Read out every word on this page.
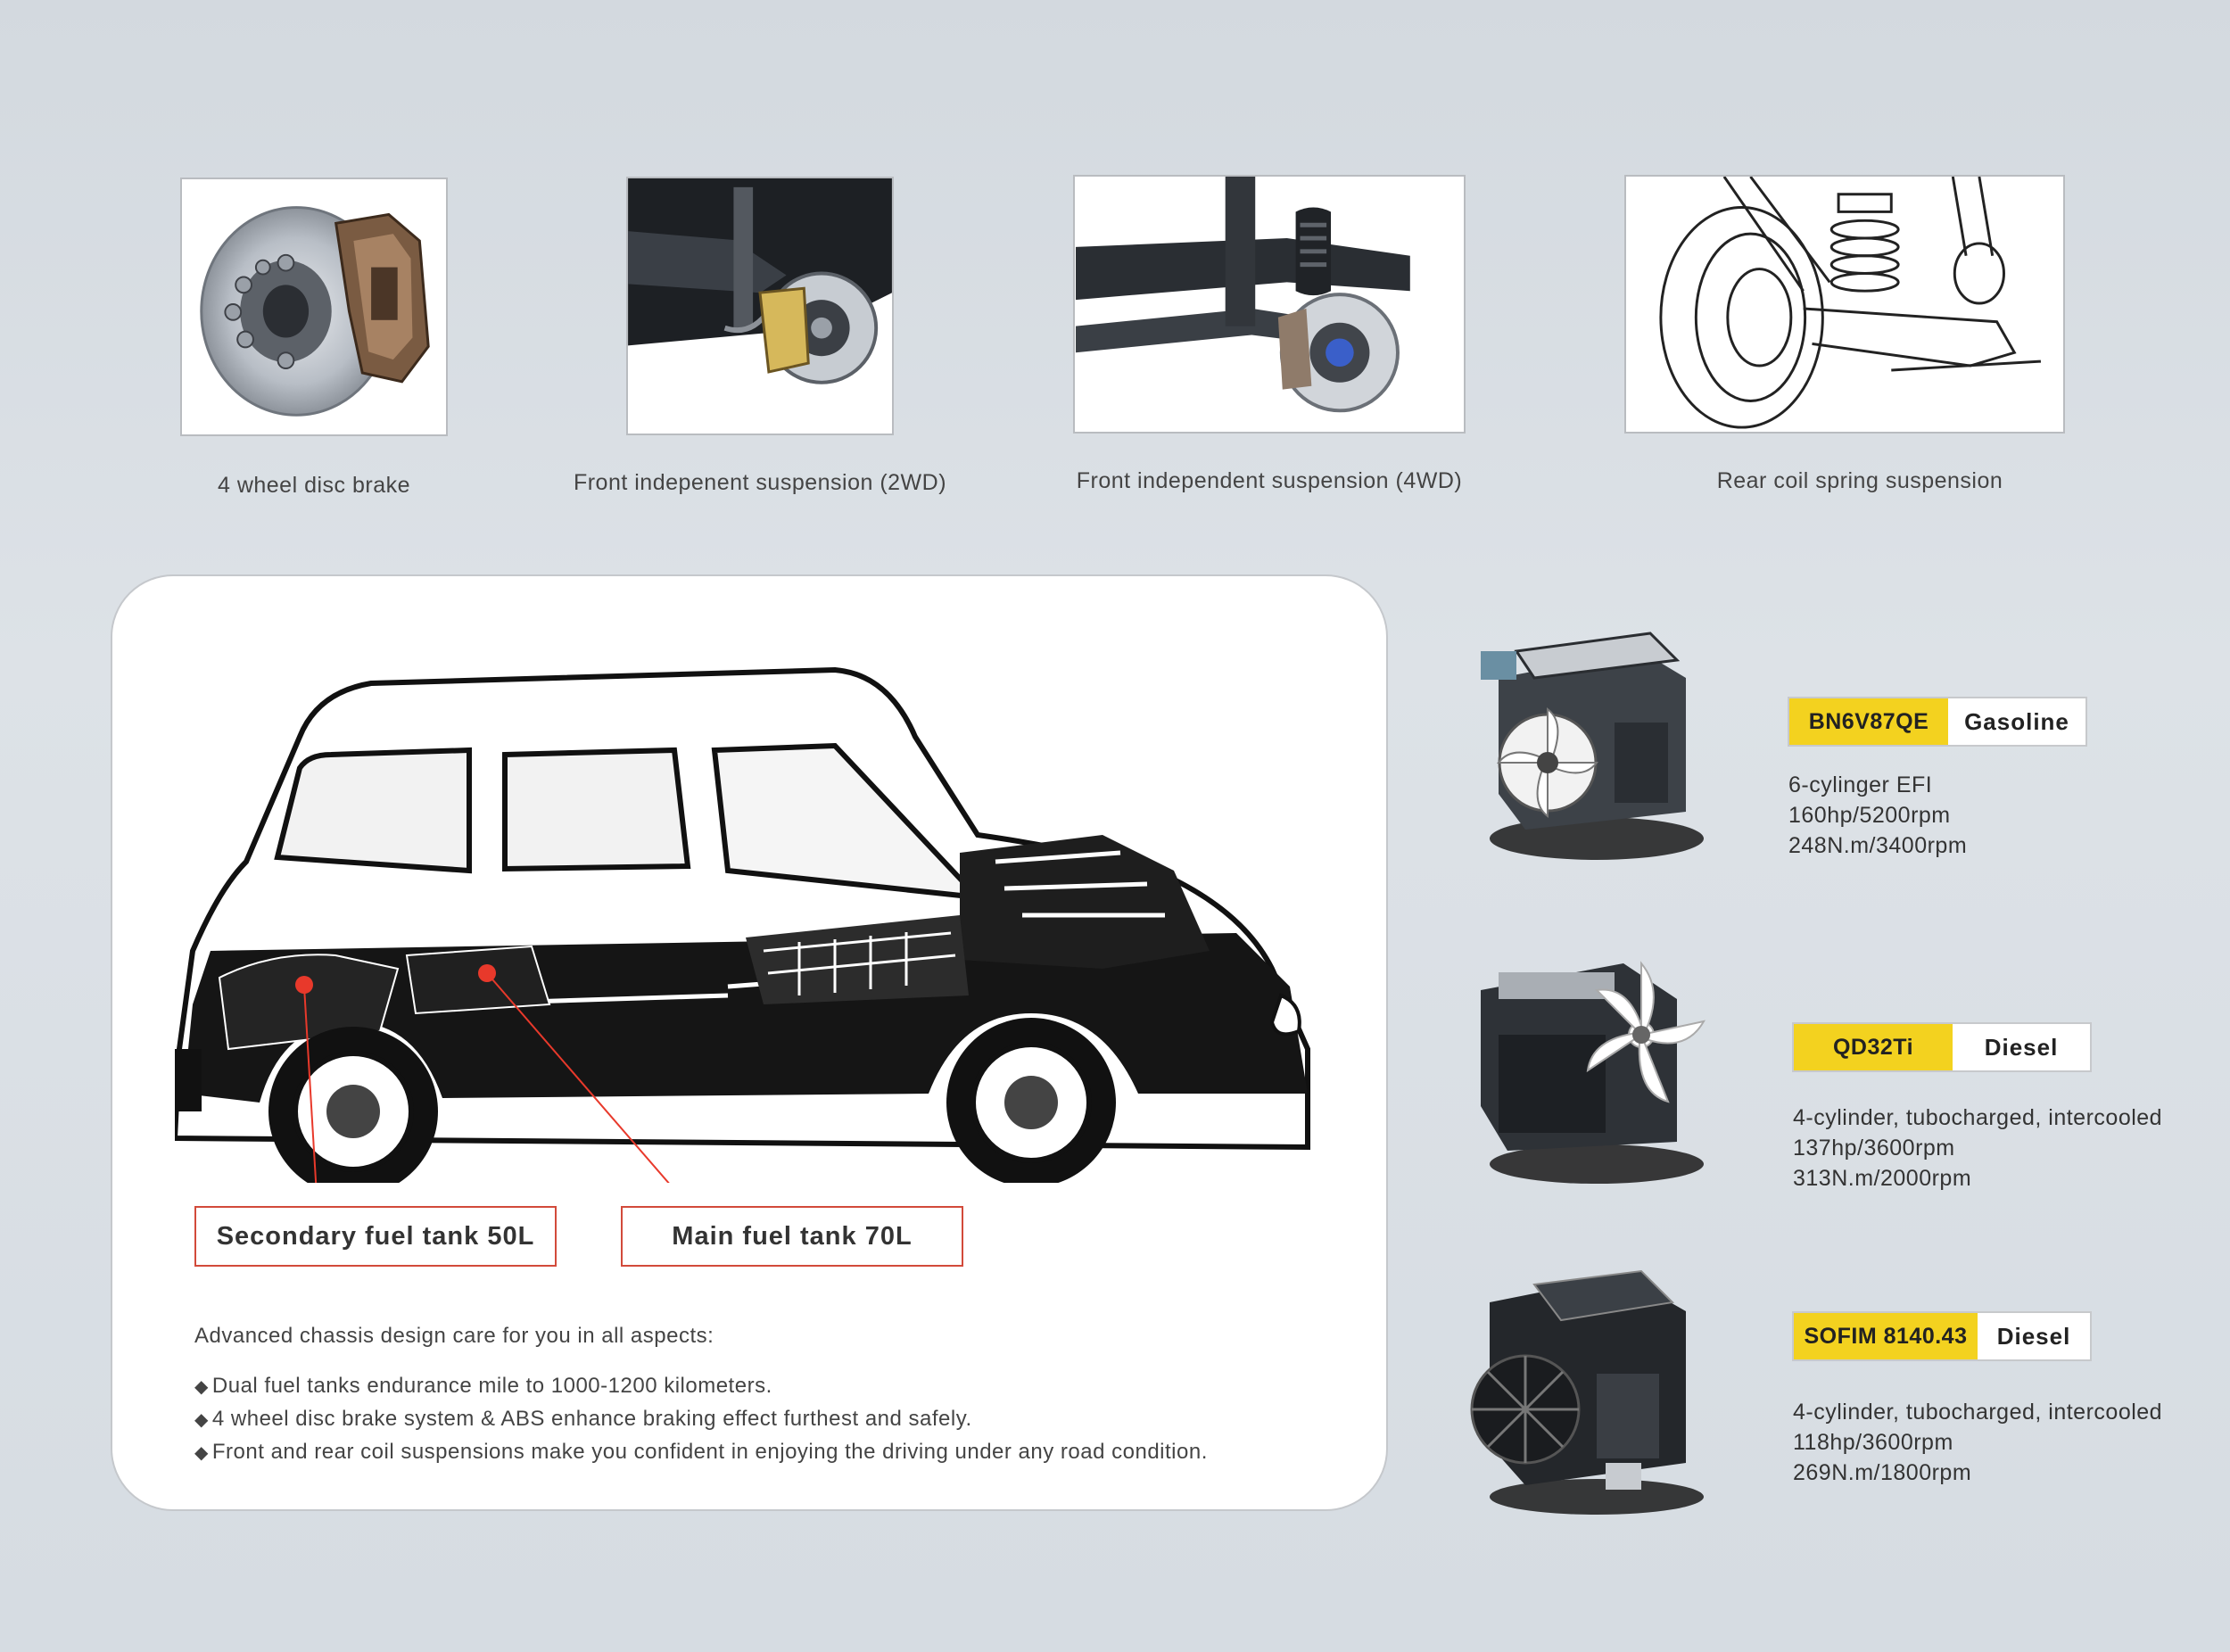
4 wheel disc brake	Front indepenent suspension (2WD)	Front independent suspension (4WD)	Rear coil spring suspension
Secondary fuel tank 50L	Main fuel tank 70L
Advanced chassis design care for you in all aspects:
◆ Dual fuel tanks endurance mile to 1000-1200 kilometers.
◆ 4 wheel disc brake system & ABS enhance braking effect furthest and safely.
◆ Front and rear coil suspensions make you confident in enjoying the driving under any road condition.
BN6V87QE	Gasoline
6-cylinger EFI
160hp/5200rpm
248N.m/3400rpm
QD32Ti	Diesel
4-cylinder, tubocharged, intercooled
137hp/3600rpm
313N.m/2000rpm
SOFIM 8140.43	Diesel
4-cylinder, tubocharged, intercooled
118hp/3600rpm
269N.m/1800rpm
